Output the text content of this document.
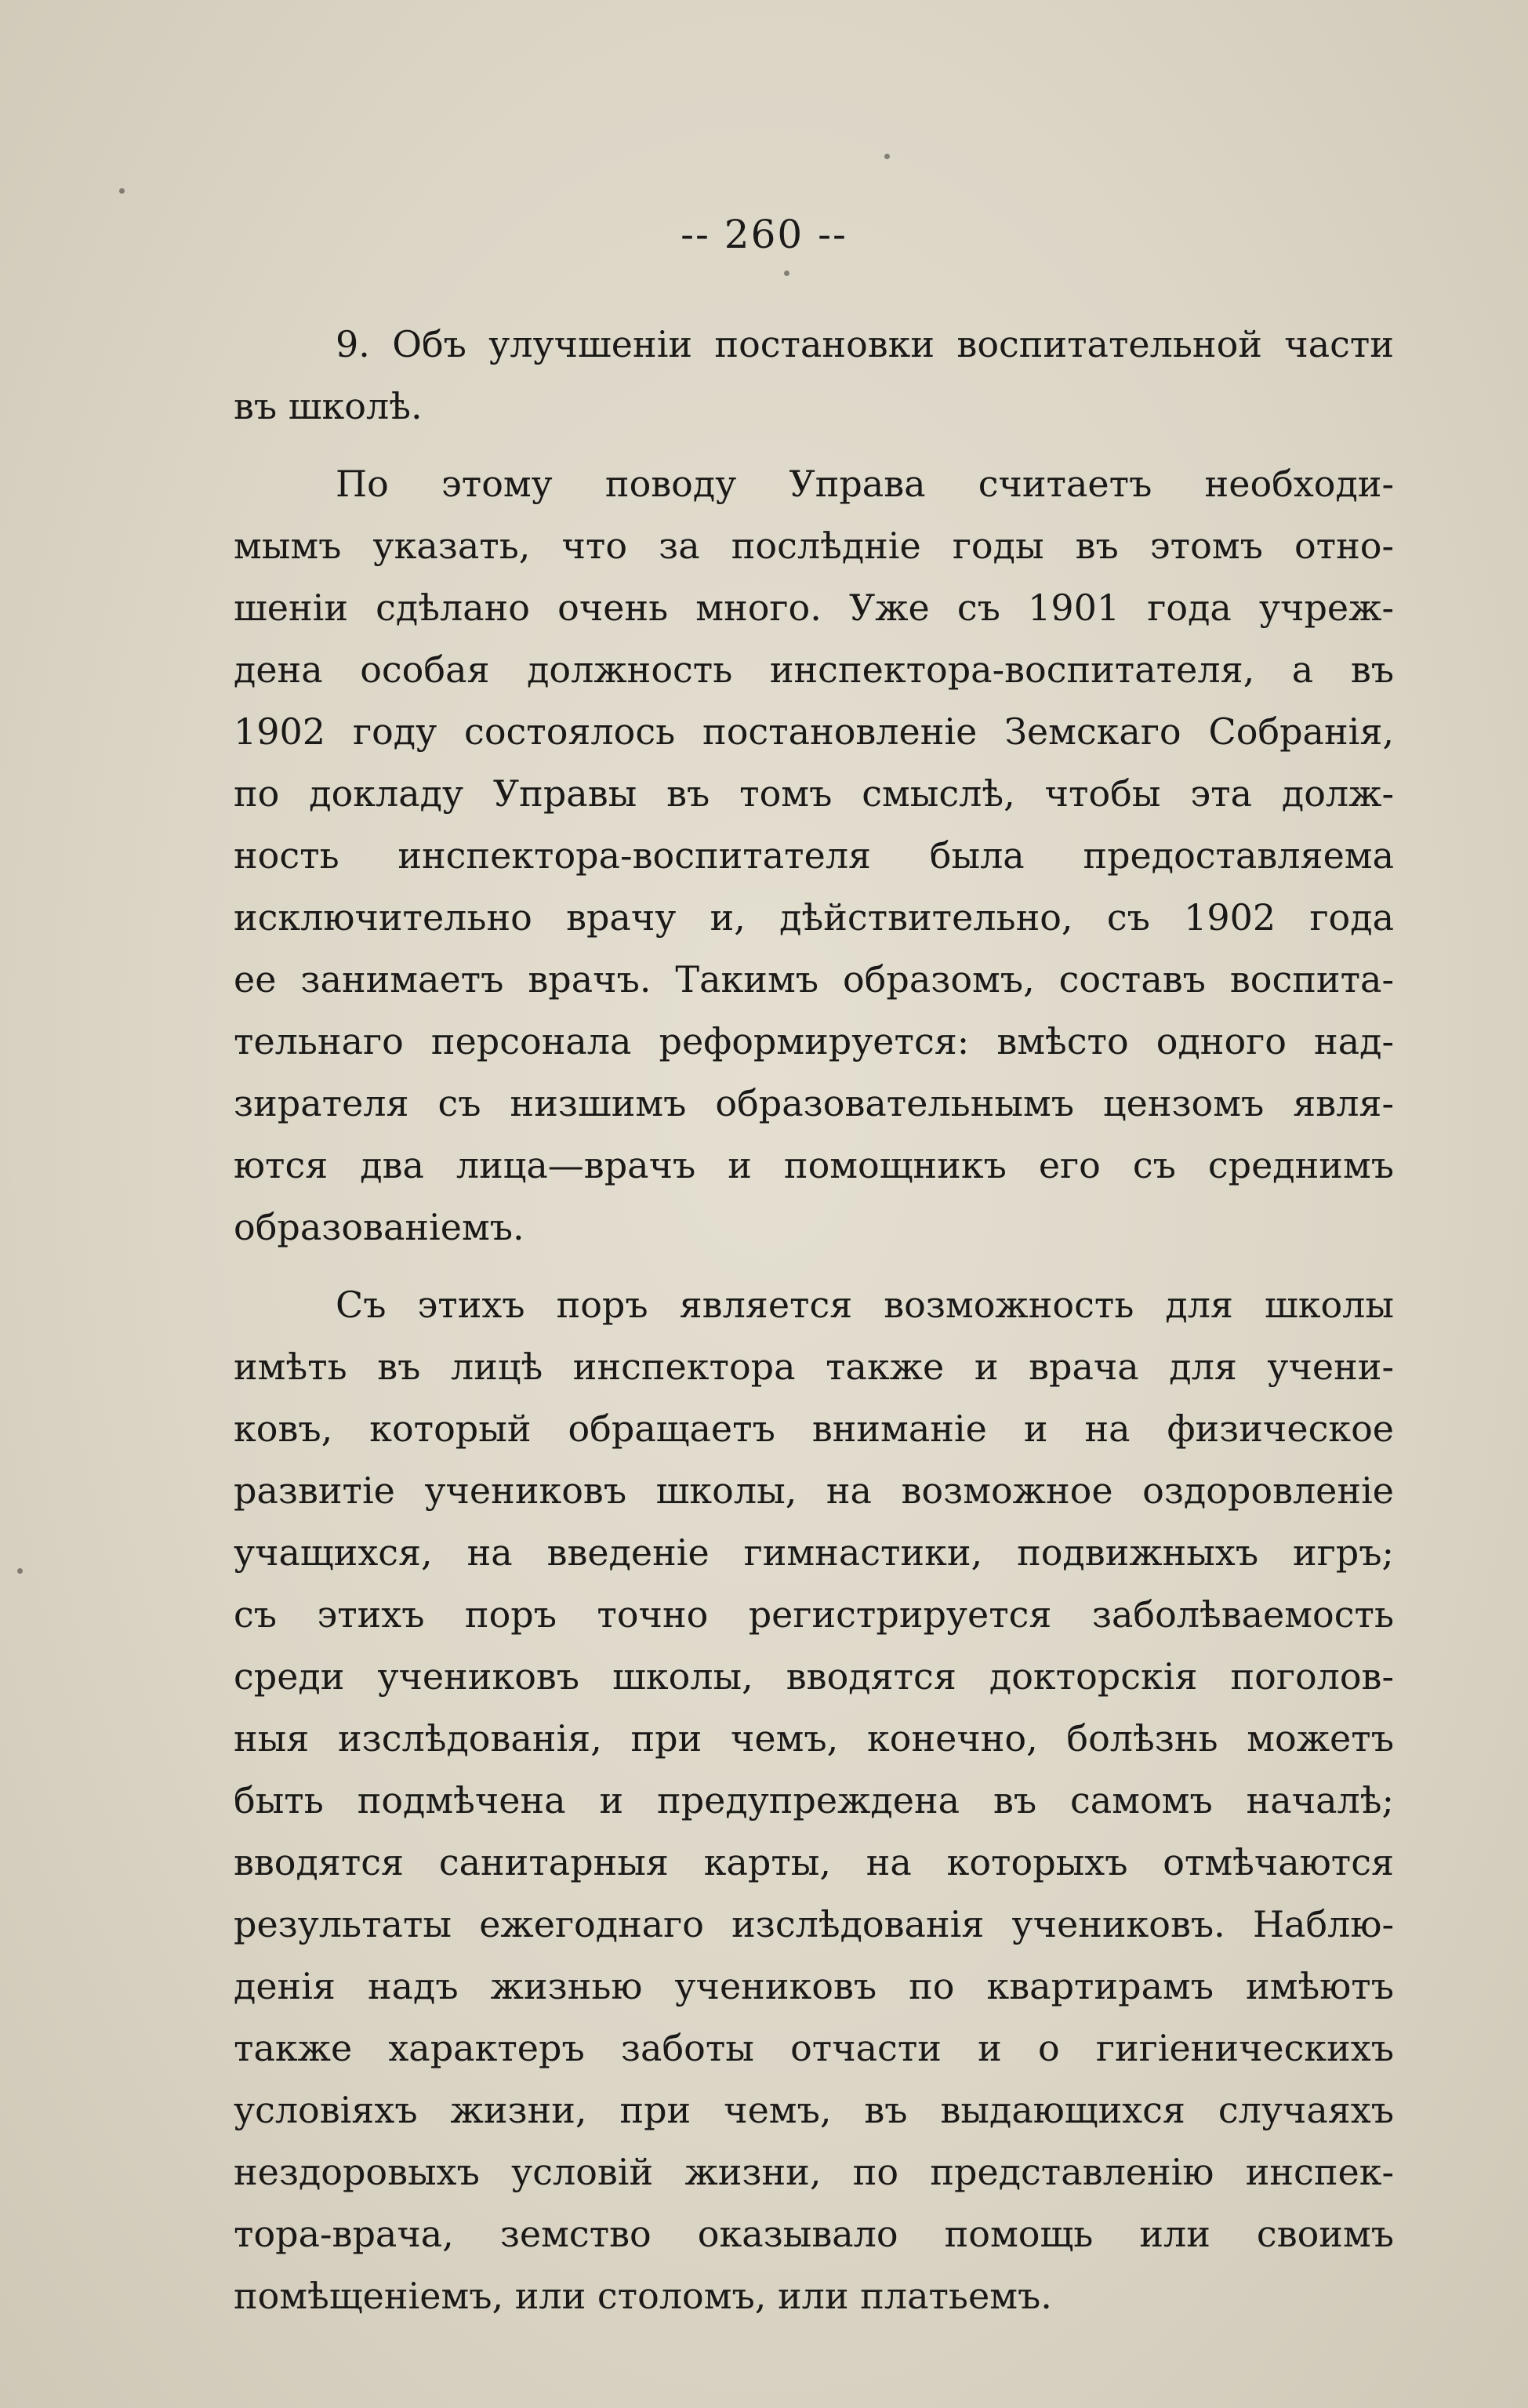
-- 260 --
9. Объ улучшеніи постановки воспитательной части
въ школѣ.
По этому поводу Управа считаетъ необходи-
мымъ указать, что за послѣдніе годы въ этомъ отно-
шеніи сдѣлано очень много. Уже съ 1901 года учреж-
дена особая должность инспектора-воспитателя, а въ
1902 году состоялось постановленіе Земскаго Собранія,
по докладу Управы въ томъ смыслѣ, чтобы эта долж-
ность инспектора-воспитателя была предоставляема
исключительно врачу и, дѣйствительно, съ 1902 года
ее занимаетъ врачъ. Такимъ образомъ, составъ воспита-
тельнаго персонала реформируется: вмѣсто одного над-
зирателя съ низшимъ образовательнымъ цензомъ явля-
ются два лица—врачъ и помощникъ его съ среднимъ
образованіемъ.
Съ этихъ поръ является возможность для школы
имѣть въ лицѣ инспектора также и врача для учени-
ковъ, который обращаетъ вниманіе и на физическое
развитіе учениковъ школы, на возможное оздоровленіе
учащихся, на введеніе гимнастики, подвижныхъ игръ;
съ этихъ поръ точно регистрируется заболѣваемость
среди учениковъ школы, вводятся докторскія поголов-
ныя изслѣдованія, при чемъ, конечно, болѣзнь можетъ
быть подмѣчена и предупреждена въ самомъ началѣ;
вводятся санитарныя карты, на которыхъ отмѣчаются
результаты ежегоднаго изслѣдованія учениковъ. Наблю-
денія надъ жизнью учениковъ по квартирамъ имѣютъ
также характеръ заботы отчасти и о гигіеническихъ
условіяхъ жизни, при чемъ, въ выдающихся случаяхъ
нездоровыхъ условій жизни, по представленію инспек-
тора-врача, земство оказывало помощь или своимъ
помѣщеніемъ, или столомъ, или платьемъ.
